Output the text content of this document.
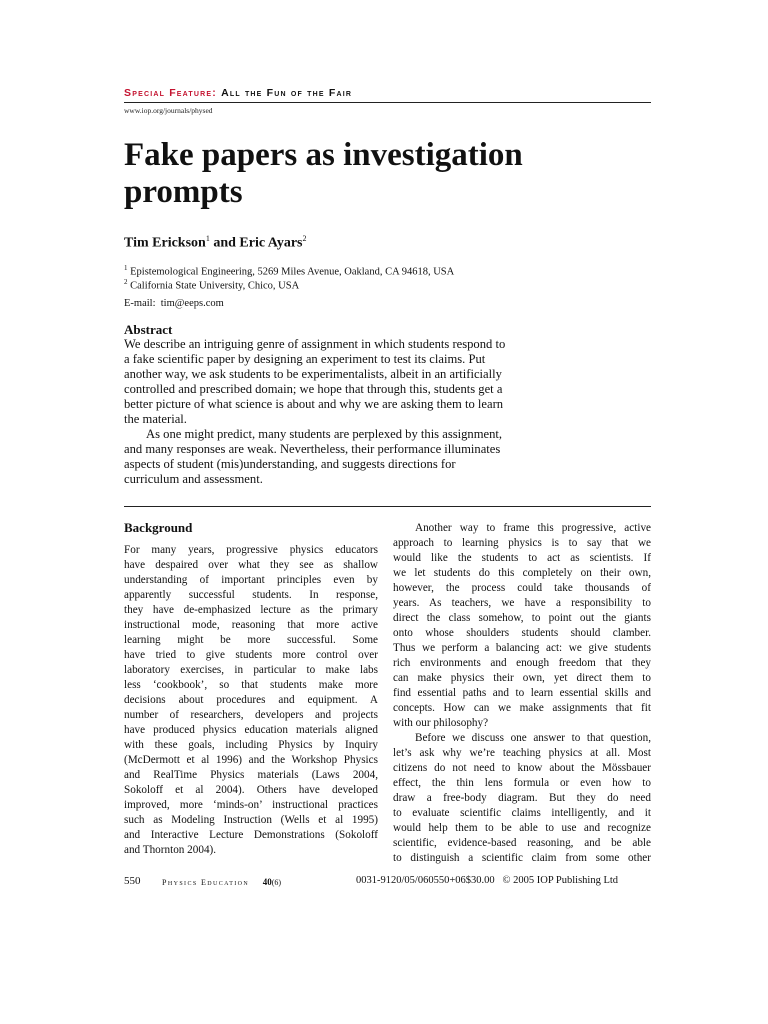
Special Feature: All the Fun of the Fair
www.iop.org/journals/physed
Fake papers as investigation prompts
Tim Erickson$^1$ and Eric Ayars$^2$
$^1$ Epistemological Engineering, 5269 Miles Avenue, Oakland, CA 94618, USA
$^2$ California State University, Chico, USA
E-mail:  tim@eeps.com
Abstract
We describe an intriguing genre of assignment in which students respond to
a fake scientific paper by designing an experiment to test its claims. Put
another way, we ask students to be experimentalists, albeit in an artificially
controlled and prescribed domain; we hope that through this, students get a
better picture of what science is about and why we are asking them to learn
the material.
As one might predict, many students are perplexed by this assignment,
and many responses are weak. Nevertheless, their performance illuminates
aspects of student (mis)understanding, and suggests directions for
curriculum and assessment.
Background
For many years, progressive physics educators
have despaired over what they see as shallow
understanding of important principles even by
apparently successful students. In response,
they have de-emphasized lecture as the primary
instructional mode, reasoning that more active
learning might be more successful. Some
have tried to give students more control over
laboratory exercises, in particular to make labs
less ‘cookbook’, so that students make more
decisions about procedures and equipment. A
number of researchers, developers and projects
have produced physics education materials aligned
with these goals, including Physics by Inquiry
(McDermott et al 1996) and the Workshop Physics
and RealTime Physics materials (Laws 2004,
Sokoloff et al 2004). Others have developed
improved, more ‘minds-on’ instructional practices
such as Modeling Instruction (Wells et al 1995)
and Interactive Lecture Demonstrations (Sokoloff
and Thornton 2004).
Another way to frame this progressive, active
approach to learning physics is to say that we
would like the students to act as scientists. If
we let students do this completely on their own,
however, the process could take thousands of
years. As teachers, we have a responsibility to
direct the class somehow, to point out the giants
onto whose shoulders students should clamber.
Thus we perform a balancing act: we give students
rich environments and enough freedom that they
can make physics their own, yet direct them to
find essential paths and to learn essential skills and
concepts. How can we make assignments that fit
with our philosophy?
Before we discuss one answer to that question,
let’s ask why we’re teaching physics at all. Most
citizens do not need to know about the Mössbauer
effect, the thin lens formula or even how to
draw a free-body diagram. But they do need
to evaluate scientific claims intelligently, and it
would help them to be able to use and recognize
scientific, evidence-based reasoning, and be able
to distinguish a scientific claim from some other
550	Physics Education 40(6)	0031-9120/05/060550+06$30.00 © 2005 IOP Publishing Ltd
